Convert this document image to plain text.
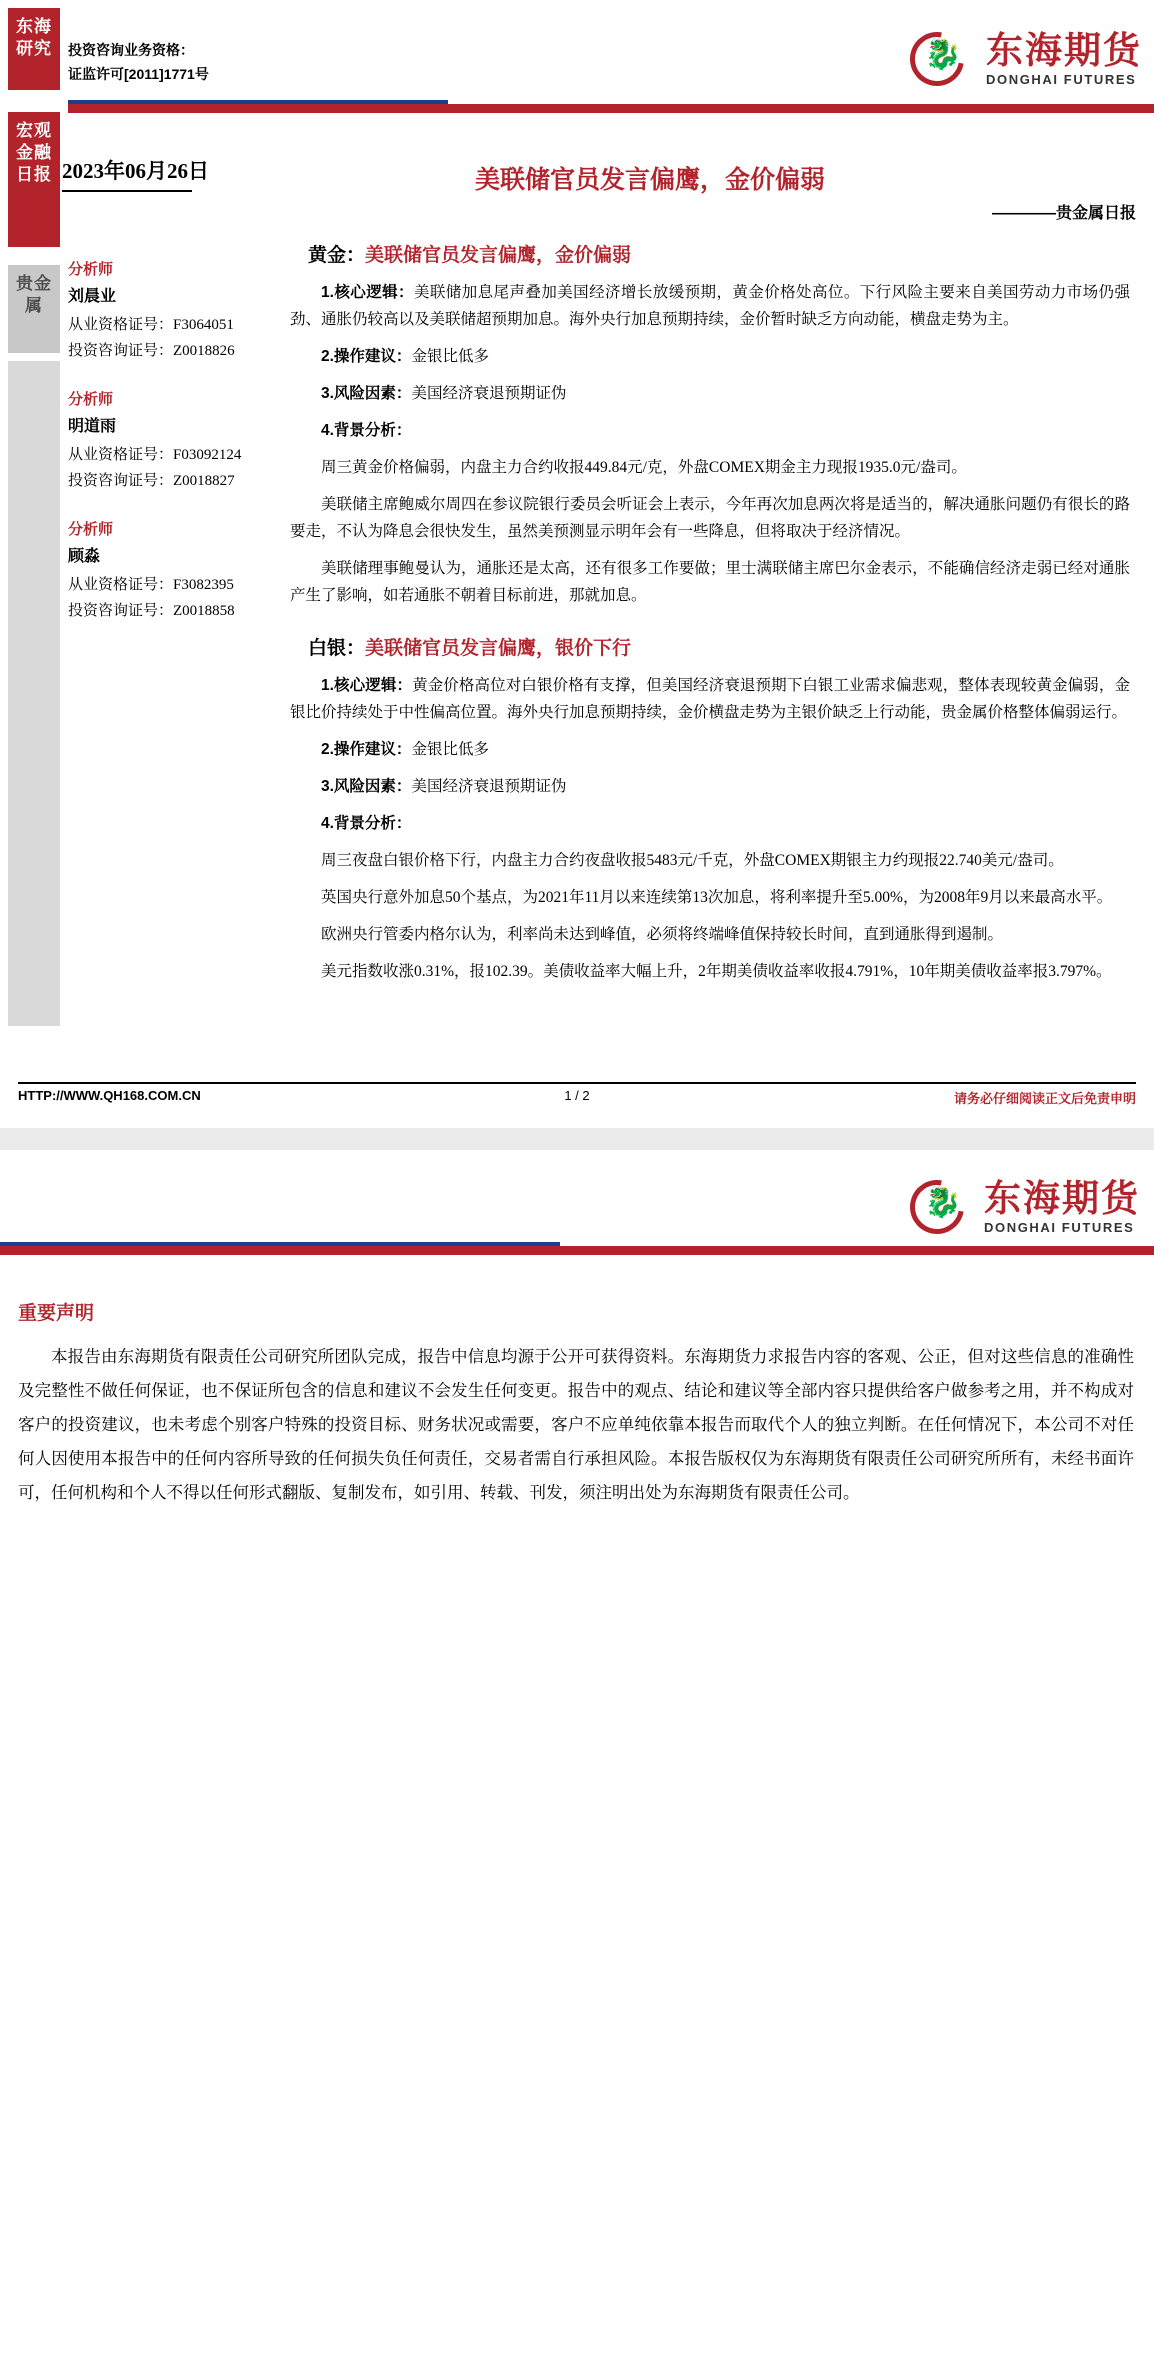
东海研究
宏观金融日报
贵金属
投资咨询业务资格：
证监许可[2011]1771号
🐉 东海期货
DONGHAI FUTURES
2023年06月26日	美联储官员发言偏鹰，金价偏弱
————贵金属日报
分析师
刘晨业
从业资格证号：F3064051
投资咨询证号：Z0018826
分析师
明道雨
从业资格证号：F03092124
投资咨询证号：Z0018827
分析师
顾淼
从业资格证号：F3082395
投资咨询证号：Z0018858
黄金：美联储官员发言偏鹰，金价偏弱

1.核心逻辑：美联储加息尾声叠加美国经济增长放缓预期，黄金价格处高位。下行风险主要来自美国劳动力市场仍强劲、通胀仍较高以及美联储超预期加息。海外央行加息预期持续，金价暂时缺乏方向动能，横盘走势为主。

2.操作建议：金银比低多

3.风险因素：美国经济衰退预期证伪

4.背景分析：

周三黄金价格偏弱，内盘主力合约收报449.84元/克，外盘COMEX期金主力现报1935.0元/盎司。

美联储主席鲍威尔周四在参议院银行委员会听证会上表示，今年再次加息两次将是适当的，解决通胀问题仍有很长的路要走，不认为降息会很快发生，虽然美预测显示明年会有一些降息，但将取决于经济情况。

美联储理事鲍曼认为，通胀还是太高，还有很多工作要做；里士满联储主席巴尔金表示，不能确信经济走弱已经对通胀产生了影响，如若通胀不朝着目标前进，那就加息。

白银：美联储官员发言偏鹰，银价下行

1.核心逻辑：黄金价格高位对白银价格有支撑，但美国经济衰退预期下白银工业需求偏悲观，整体表现较黄金偏弱，金银比价持续处于中性偏高位置。海外央行加息预期持续，金价横盘走势为主银价缺乏上行动能，贵金属价格整体偏弱运行。

2.操作建议：金银比低多

3.风险因素：美国经济衰退预期证伪

4.背景分析：

周三夜盘白银价格下行，内盘主力合约夜盘收报5483元/千克，外盘COMEX期银主力约现报22.740美元/盎司。

英国央行意外加息50个基点，为2021年11月以来连续第13次加息，将利率提升至5.00%，为2008年9月以来最高水平。

欧洲央行管委内格尔认为，利率尚未达到峰值，必须将终端峰值保持较长时间，直到通胀得到遏制。

美元指数收涨0.31%，报102.39。美债收益率大幅上升，2年期美债收益率收报4.791%，10年期美债收益率报3.797%。

HTTP://WWW.QH168.COM.CN	1 / 2	请务必仔细阅读正文后免责申明
🐉 东海期货
DONGHAI FUTURES
重要声明

本报告由东海期货有限责任公司研究所团队完成，报告中信息均源于公开可获得资料。东海期货力求报告内容的客观、公正，但对这些信息的准确性及完整性不做任何保证，也不保证所包含的信息和建议不会发生任何变更。报告中的观点、结论和建议等全部内容只提供给客户做参考之用，并不构成对客户的投资建议，也未考虑个别客户特殊的投资目标、财务状况或需要，客户不应单纯依靠本报告而取代个人的独立判断。在任何情况下，本公司不对任何人因使用本报告中的任何内容所导致的任何损失负任何责任，交易者需自行承担风险。本报告版权仅为东海期货有限责任公司研究所所有，未经书面许可，任何机构和个人不得以任何形式翻版、复制发布，如引用、转载、刊发，须注明出处为东海期货有限责任公司。
